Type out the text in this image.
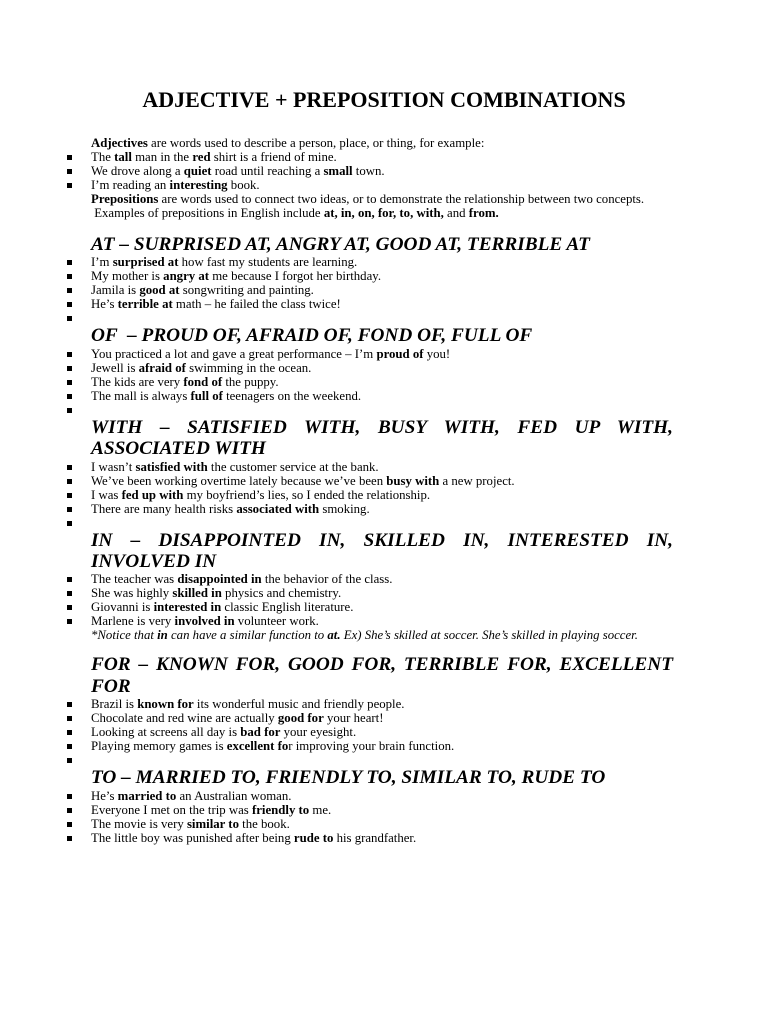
ADJECTIVE + PREPOSITION COMBINATIONS

Adjectives are words used to describe a person, place, or thing, for example:

The tall man in the red shirt is a friend of mine.
We drove along a quiet road until reaching a small town.
I’m reading an interesting book.

Prepositions are words used to connect two ideas, or to demonstrate the relationship between two concepts.

Examples of prepositions in English include at, in, on, for, to, with, and from.

AT – SURPRISED AT, ANGRY AT, GOOD AT, TERRIBLE AT
I’m surprised at how fast my students are learning.
My mother is angry at me because I forgot her birthday.
Jamila is good at songwriting and painting.
He’s terrible at math – he failed the class twice!
OF  – PROUD OF, AFRAID OF, FOND OF, FULL OF
You practiced a lot and gave a great performance – I’m proud of you!
Jewell is afraid of swimming in the ocean.
The kids are very fond of the puppy.
The mall is always full of teenagers on the weekend.
WITH – SATISFIED WITH, BUSY WITH, FED UP WITH, ASSOCIATED WITH
I wasn’t satisfied with the customer service at the bank.
We’ve been working overtime lately because we’ve been busy with a new project.
I was fed up with my boyfriend’s lies, so I ended the relationship.
There are many health risks associated with smoking.
IN – DISAPPOINTED IN, SKILLED IN, INTERESTED IN, INVOLVED IN
The teacher was disappointed in the behavior of the class.
She was highly skilled in physics and chemistry.
Giovanni is interested in classic English literature.
Marlene is very involved in volunteer work.

*Notice that in can have a similar function to at. Ex) She’s skilled at soccer. She’s skilled in playing soccer.

FOR – KNOWN FOR, GOOD FOR, TERRIBLE FOR, EXCELLENT FOR
Brazil is known for its wonderful music and friendly people.
Chocolate and red wine are actually good for your heart!
Looking at screens all day is bad for your eyesight.
Playing memory games is excellent for improving your brain function.
TO – MARRIED TO, FRIENDLY TO, SIMILAR TO, RUDE TO
He’s married to an Australian woman.
Everyone I met on the trip was friendly to me.
The movie is very similar to the book.
The little boy was punished after being rude to his grandfather.
